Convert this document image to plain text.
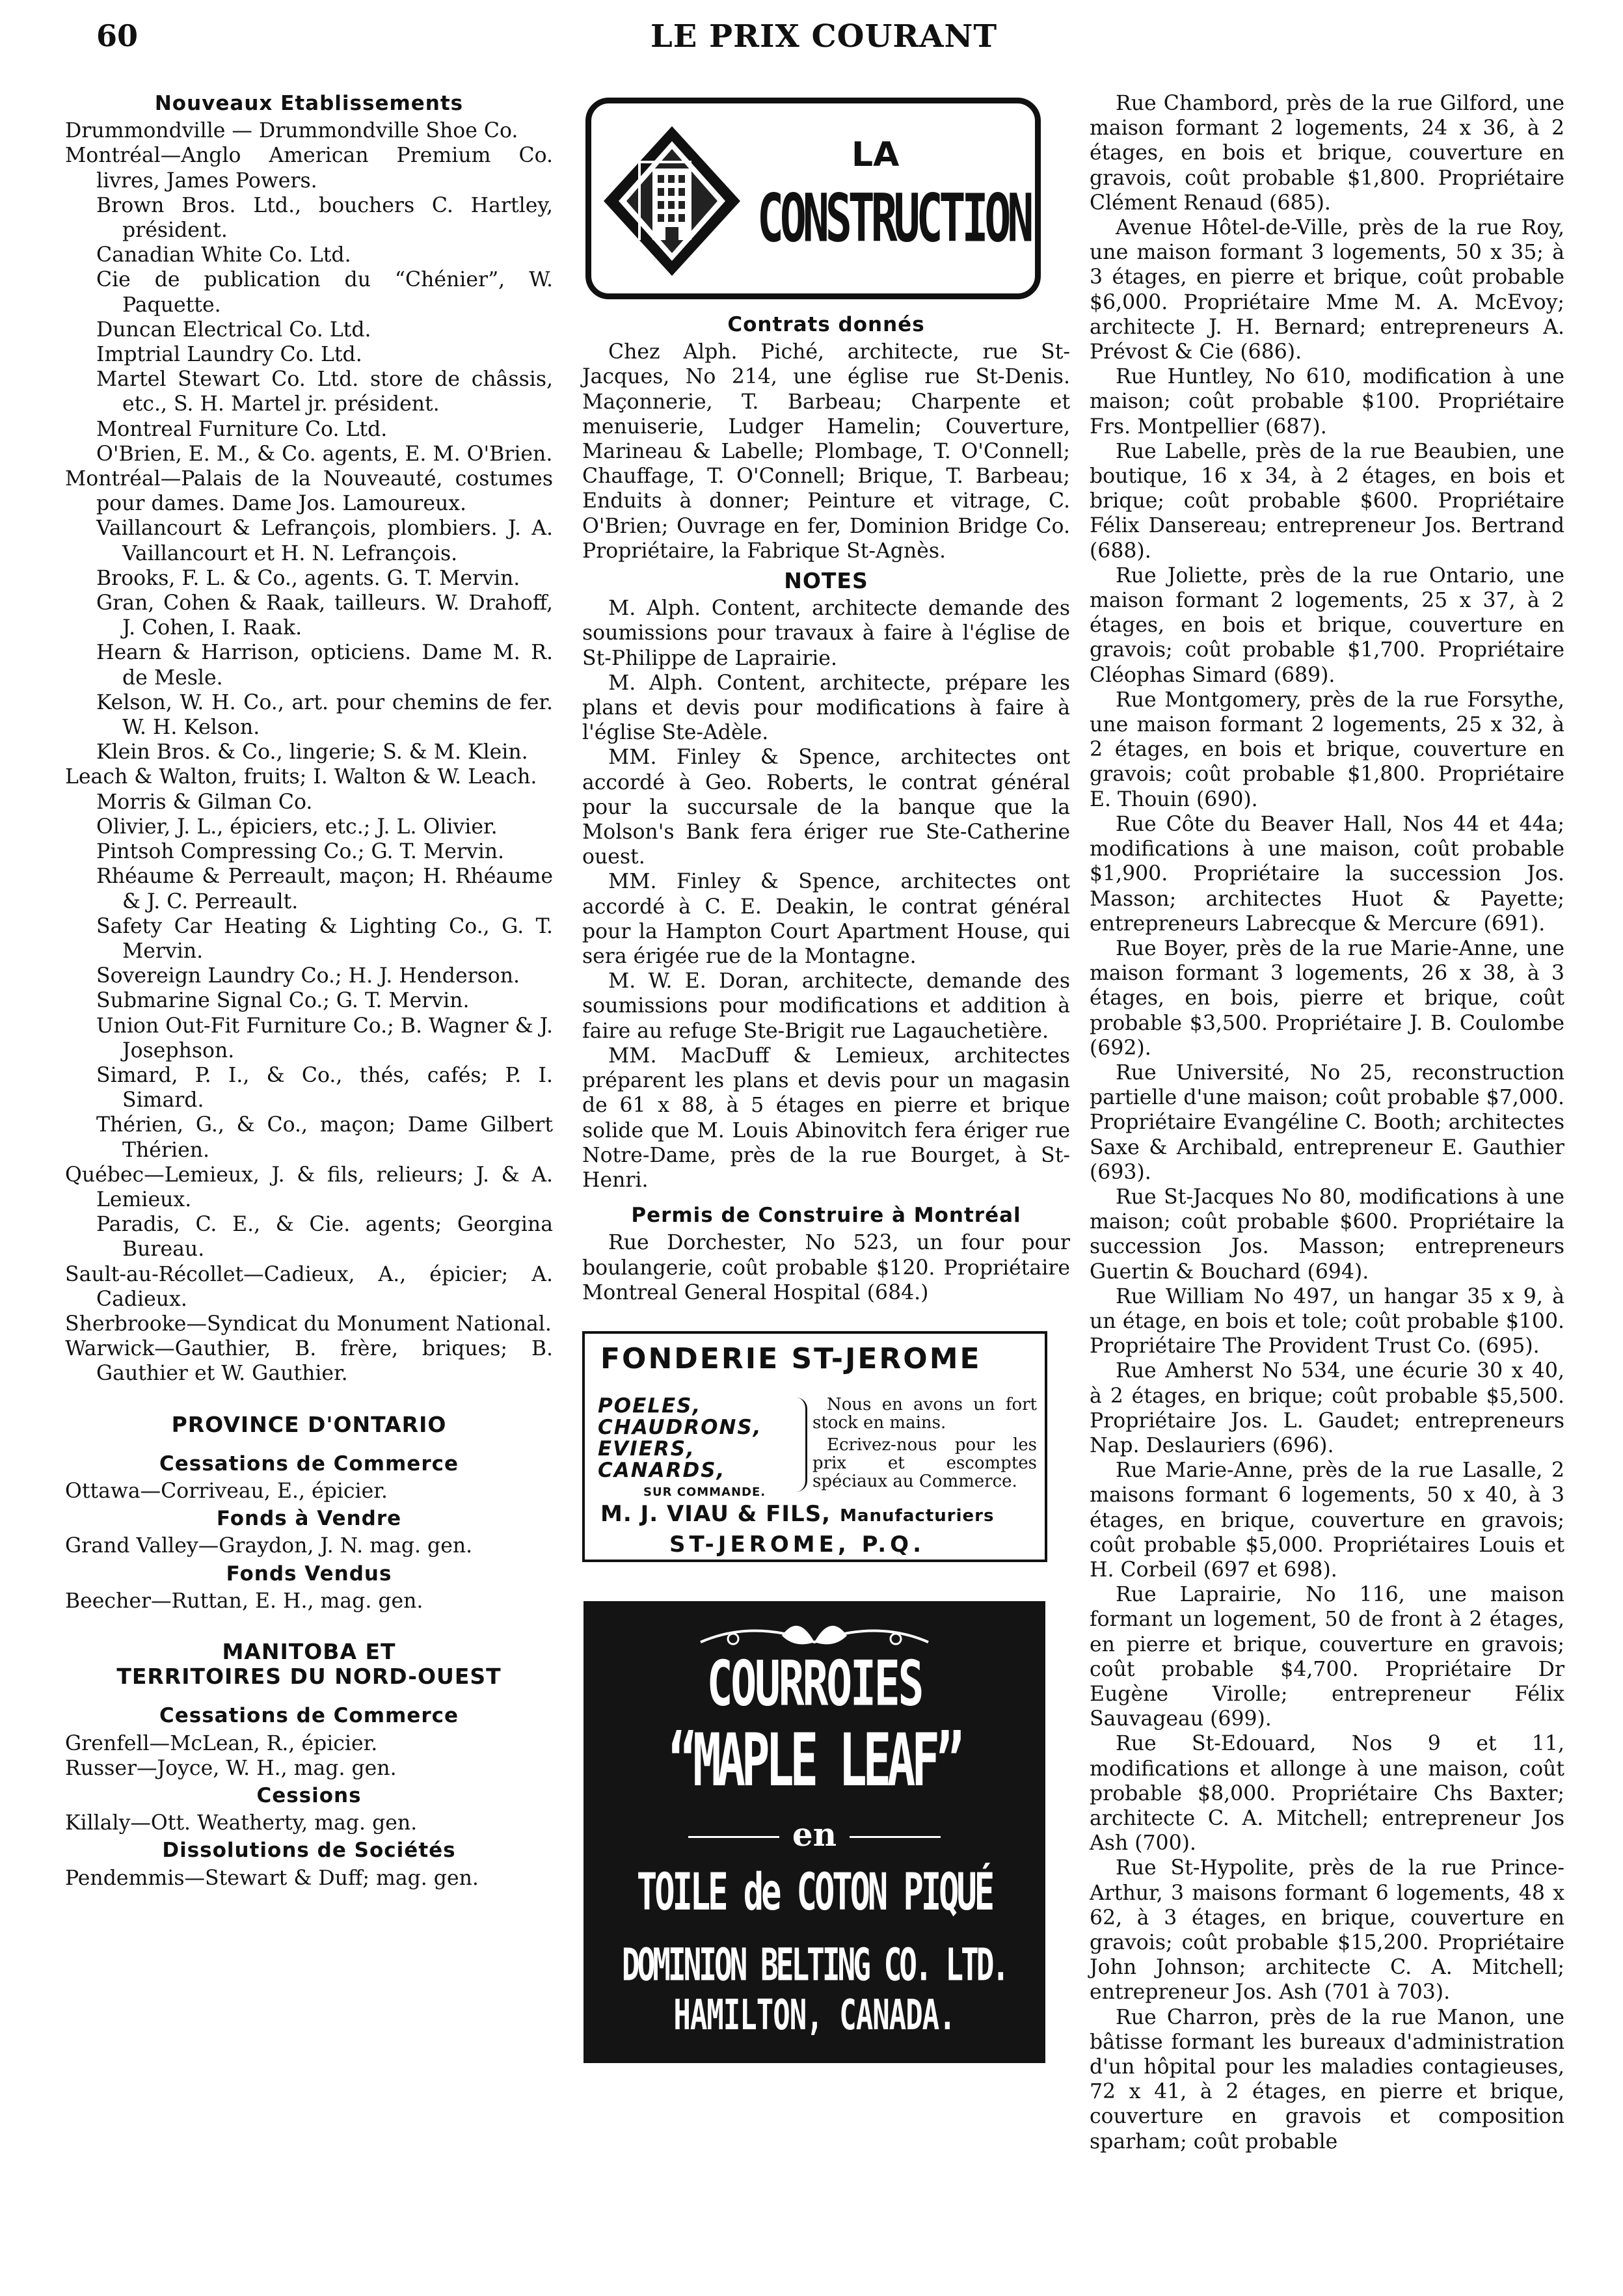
60	LE PRIX COURANT
Nouveaux Etablissements

Drummondville — Drummondville Shoe Co.

Montréal—Anglo American Premium Co. livres, James Powers.

Brown Bros. Ltd., bouchers C. Hartley, président.

Canadian White Co. Ltd.

Cie de publication du “Chénier”, W. Paquette.

Duncan Electrical Co. Ltd.

Imptrial Laundry Co. Ltd.

Martel Stewart Co. Ltd. store de châssis, etc., S. H. Martel jr. président.

Montreal Furniture Co. Ltd.

O'Brien, E. M., & Co. agents, E. M. O'Brien.

Montréal—Palais de la Nouveauté, costumes pour dames. Dame Jos. Lamoureux.

Vaillancourt & Lefrançois, plombiers. J. A. Vaillancourt et H. N. Lefrançois.

Brooks, F. L. & Co., agents. G. T. Mervin.

Gran, Cohen & Raak, tailleurs. W. Drahoff, J. Cohen, I. Raak.

Hearn & Harrison, opticiens. Dame M. R. de Mesle.

Kelson, W. H. Co., art. pour chemins de fer. W. H. Kelson.

Klein Bros. & Co., lingerie; S. & M. Klein.

Leach & Walton, fruits; I. Walton & W. Leach.

Morris & Gilman Co.

Olivier, J. L., épiciers, etc.; J. L. Olivier.

Pintsoh Compressing Co.; G. T. Mervin.

Rhéaume & Perreault, maçon; H. Rhéaume & J. C. Perreault.

Safety Car Heating & Lighting Co., G. T. Mervin.

Sovereign Laundry Co.; H. J. Henderson.

Submarine Signal Co.; G. T. Mervin.

Union Out-Fit Furniture Co.; B. Wagner & J. Josephson.

Simard, P. I., & Co., thés, cafés; P. I. Simard.

Thérien, G., & Co., maçon; Dame Gilbert Thérien.

Québec—Lemieux, J. & fils, relieurs; J. & A. Lemieux.

Paradis, C. E., & Cie. agents; Georgina Bureau.

Sault-au-Récollet—Cadieux, A., épicier; A. Cadieux.

Sherbrooke—Syndicat du Monument National.

Warwick—Gauthier, B. frère, briques; B. Gauthier et W. Gauthier.

PROVINCE D'ONTARIO
Cessations de Commerce

Ottawa—Corriveau, E., épicier.

Fonds à Vendre

Grand Valley—Graydon, J. N. mag. gen.

Fonds Vendus

Beecher—Ruttan, E. H., mag. gen.

MANITOBA ET
TERRITOIRES DU NORD-OUEST
Cessations de Commerce

Grenfell—McLean, R., épicier.

Russer—Joyce, W. H., mag. gen.

Cessions

Killaly—Ott. Weatherty, mag. gen.

Dissolutions de Sociétés

Pendemmis—Stewart & Duff; mag. gen.

LA
CONSTRUCTION
Contrats donnés

Chez Alph. Piché, architecte, rue St-Jacques, No 214, une église rue St-Denis. Maçonnerie, T. Barbeau; Charpente et menuiserie, Ludger Hamelin; Couverture, Marineau & Labelle; Plombage, T. O'Connell; Chauffage, T. O'Connell; Brique, T. Barbeau; Enduits à donner; Peinture et vitrage, C. O'Brien; Ouvrage en fer, Dominion Bridge Co. Propriétaire, la Fabrique St-Agnès.

NOTES

M. Alph. Content, architecte demande des soumissions pour travaux à faire à l'église de St-Philippe de Laprairie.

M. Alph. Content, architecte, prépare les plans et devis pour modifications à faire à l'église Ste-Adèle.

MM. Finley & Spence, architectes ont accordé à Geo. Roberts, le contrat général pour la succursale de la banque que la Molson's Bank fera ériger rue Ste-Catherine ouest.

MM. Finley & Spence, architectes ont accordé à C. E. Deakin, le contrat général pour la Hampton Court Apartment House, qui sera érigée rue de la Montagne.

M. W. E. Doran, architecte, demande des soumissions pour modifications et addition à faire au refuge Ste-Brigit rue Lagauchetière.

MM. MacDuff & Lemieux, architectes préparent les plans et devis pour un magasin de 61 x 88, à 5 étages en pierre et brique solide que M. Louis Abinovitch fera ériger rue Notre-Dame, près de la rue Bourget, à St-Henri.

Permis de Construire à Montréal

Rue Dorchester, No 523, un four pour boulangerie, coût probable $120. Propriétaire Montreal General Hospital (684.)

FONDERIE ST-JEROME
POELES,
CHAUDRONS,
EVIERS,
CANARDS,
SUR COMMANDE.

Nous en avons un fort stock en mains.

Ecrivez-nous pour les prix et escomptes spéciaux au Commerce.

M. J. VIAU & FILS, Manufacturiers
ST-JEROME, P.Q.
COURROIES
“MAPLE LEAF”
en
TOILE de COTON PIQUÉ
DOMINION BELTING CO. LTD.
HAMILTON, CANADA.

Rue Chambord, près de la rue Gilford, une maison formant 2 logements, 24 x 36, à 2 étages, en bois et brique, couverture en gravois, coût probable $1,800. Propriétaire Clément Renaud (685).

Avenue Hôtel-de-Ville, près de la rue Roy, une maison formant 3 logements, 50 x 35; à 3 étages, en pierre et brique, coût probable $6,000. Propriétaire Mme M. A. McEvoy; architecte J. H. Bernard; entrepreneurs A. Prévost & Cie (686).

Rue Huntley, No 610, modification à une maison; coût probable $100. Propriétaire Frs. Montpellier (687).

Rue Labelle, près de la rue Beaubien, une boutique, 16 x 34, à 2 étages, en bois et brique; coût probable $600. Propriétaire Félix Dansereau; entrepreneur Jos. Bertrand (688).

Rue Joliette, près de la rue Ontario, une maison formant 2 logements, 25 x 37, à 2 étages, en bois et brique, couverture en gravois; coût probable $1,700. Propriétaire Cléophas Simard (689).

Rue Montgomery, près de la rue Forsythe, une maison formant 2 logements, 25 x 32, à 2 étages, en bois et brique, couverture en gravois; coût probable $1,800. Propriétaire E. Thouin (690).

Rue Côte du Beaver Hall, Nos 44 et 44a; modifications à une maison, coût probable $1,900. Propriétaire la succession Jos. Masson; architectes Huot & Payette; entrepreneurs Labrecque & Mercure (691).

Rue Boyer, près de la rue Marie-Anne, une maison formant 3 logements, 26 x 38, à 3 étages, en bois, pierre et brique, coût probable $3,500. Propriétaire J. B. Coulombe (692).

Rue Université, No 25, reconstruction partielle d'une maison; coût probable $7,000. Propriétaire Evangéline C. Booth; architectes Saxe & Archibald, entrepreneur E. Gauthier (693).

Rue St-Jacques No 80, modifications à une maison; coût probable $600. Propriétaire la succession Jos. Masson; entrepreneurs Guertin & Bouchard (694).

Rue William No 497, un hangar 35 x 9, à un étage, en bois et tole; coût probable $100. Propriétaire The Provident Trust Co. (695).

Rue Amherst No 534, une écurie 30 x 40, à 2 étages, en brique; coût probable $5,500. Propriétaire Jos. L. Gaudet; entrepreneurs Nap. Deslauriers (696).

Rue Marie-Anne, près de la rue Lasalle, 2 maisons formant 6 logements, 50 x 40, à 3 étages, en brique, couverture en gravois; coût probable $5,000. Propriétaires Louis et H. Corbeil (697 et 698).

Rue Laprairie, No 116, une maison formant un logement, 50 de front à 2 étages, en pierre et brique, couverture en gravois; coût probable $4,700. Propriétaire Dr Eugène Virolle; entrepreneur Félix Sauvageau (699).

Rue St-Edouard, Nos 9 et 11, modifications et allonge à une maison, coût probable $8,000. Propriétaire Chs Baxter; architecte C. A. Mitchell; entrepreneur Jos Ash (700).

Rue St-Hypolite, près de la rue Prince-Arthur, 3 maisons formant 6 logements, 48 x 62, à 3 étages, en brique, couverture en gravois; coût probable $15,200. Propriétaire John Johnson; architecte C. A. Mitchell; entrepreneur Jos. Ash (701 à 703).

Rue Charron, près de la rue Manon, une bâtisse formant les bureaux d'administration d'un hôpital pour les maladies contagieuses, 72 x 41, à 2 étages, en pierre et brique, couverture en gravois et composition sparham; coût probable
